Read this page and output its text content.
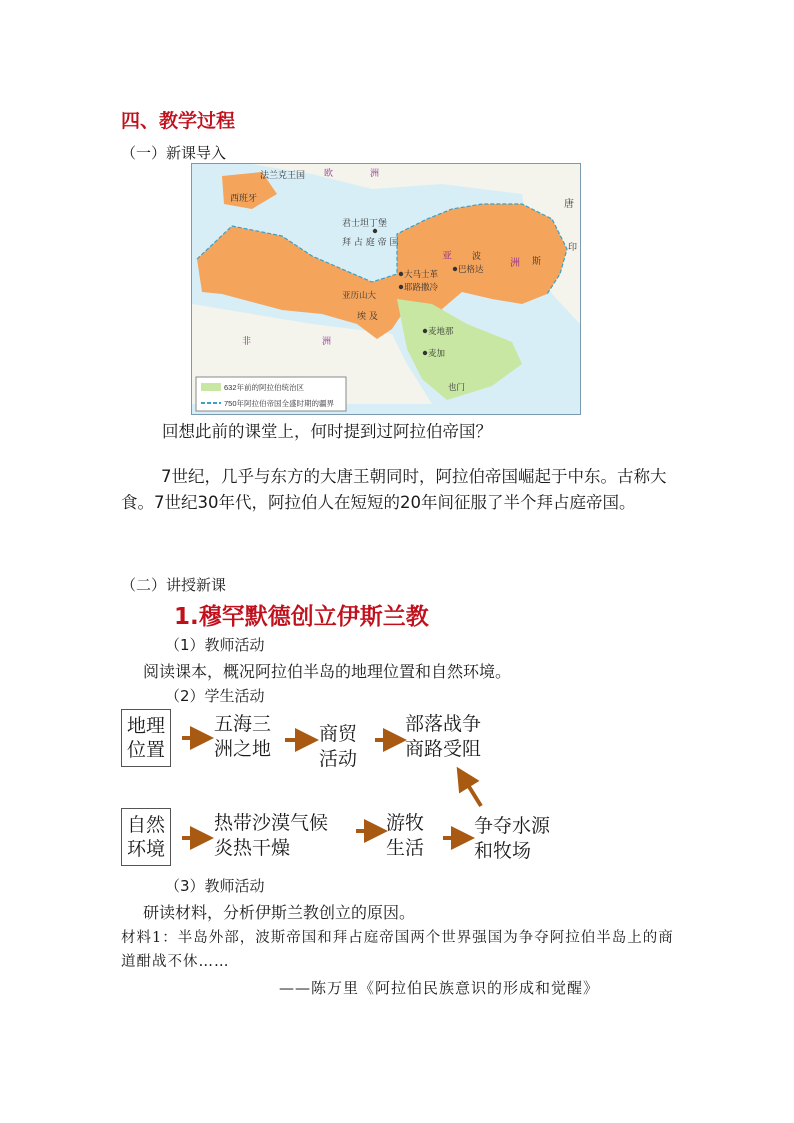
四、教学过程
（一）新课导入
632年前的阿拉伯统治区
750年阿拉伯帝国全盛时期的疆界
法兰克王国 欧	洲
西班牙
君士坦丁堡
拜 占 庭 帝 国
大马士革 巴格达
耶路撒冷
亚历山大
埃 及
麦地那
麦加
也门
波	斯
亚
洲
唐
印
非	洲
回想此前的课堂上，何时提到过阿拉伯帝国？
7世纪，几乎与东方的大唐王朝同时，阿拉伯帝国崛起于中东。古称大食。7世纪30年代，阿拉伯人在短短的20年间征服了半个拜占庭帝国。
（二）讲授新课
1.穆罕默德创立伊斯兰教
（1）教师活动
阅读课本，概况阿拉伯半岛的地理位置和自然环境。
（2）学生活动
地理
位置
五海三
洲之地
商贸
活动
部落战争
商路受阻
自然
环境
热带沙漠气候
炎热干燥
游牧
生活
争夺水源
和牧场
（3）教师活动
研读材料，分析伊斯兰教创立的原因。
材料1：半岛外部，波斯帝国和拜占庭帝国两个世界强国为争夺阿拉伯半岛上的商道酣战不休……
——陈万里《阿拉伯民族意识的形成和觉醒》
